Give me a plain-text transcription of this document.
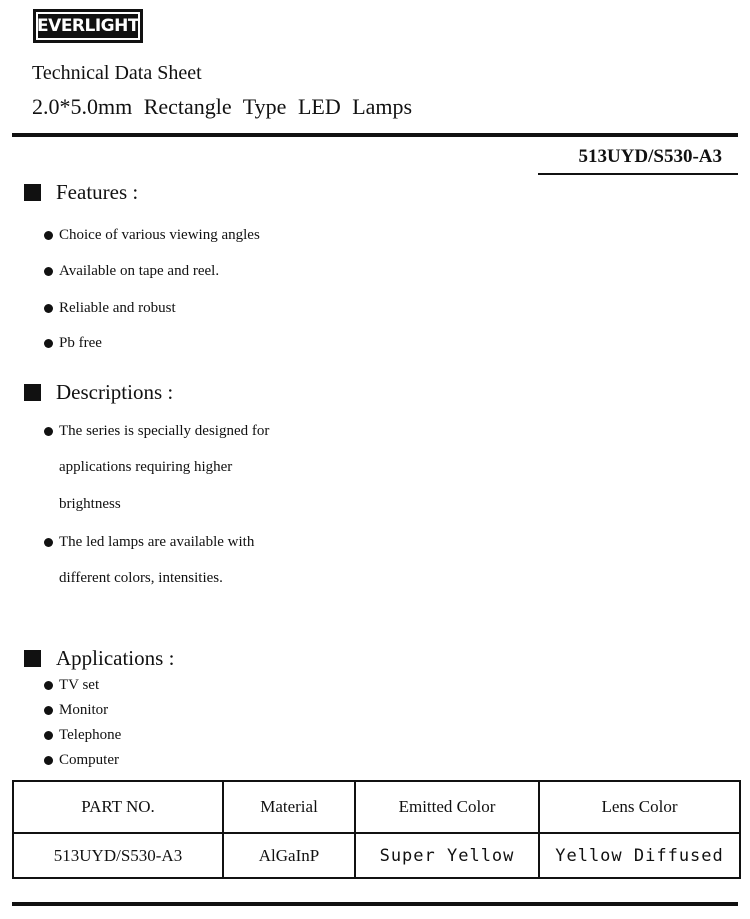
EVERLIGHT
Technical Data Sheet
2.0*5.0mm Rectangle Type LED Lamps
513UYD/S530-A3
Features :
Choice of various viewing angles
Available on tape and reel.
Reliable and robust
Pb free
Descriptions :
The series is specially designed for
applications requiring higher
brightness
The led lamps are available with
different colors, intensities.
Applications :
TV set
Monitor
Telephone
Computer
PART NO.	Material	Emitted Color	Lens Color
513UYD/S530-A3	AlGaInP	Super Yellow	Yellow Diffused
